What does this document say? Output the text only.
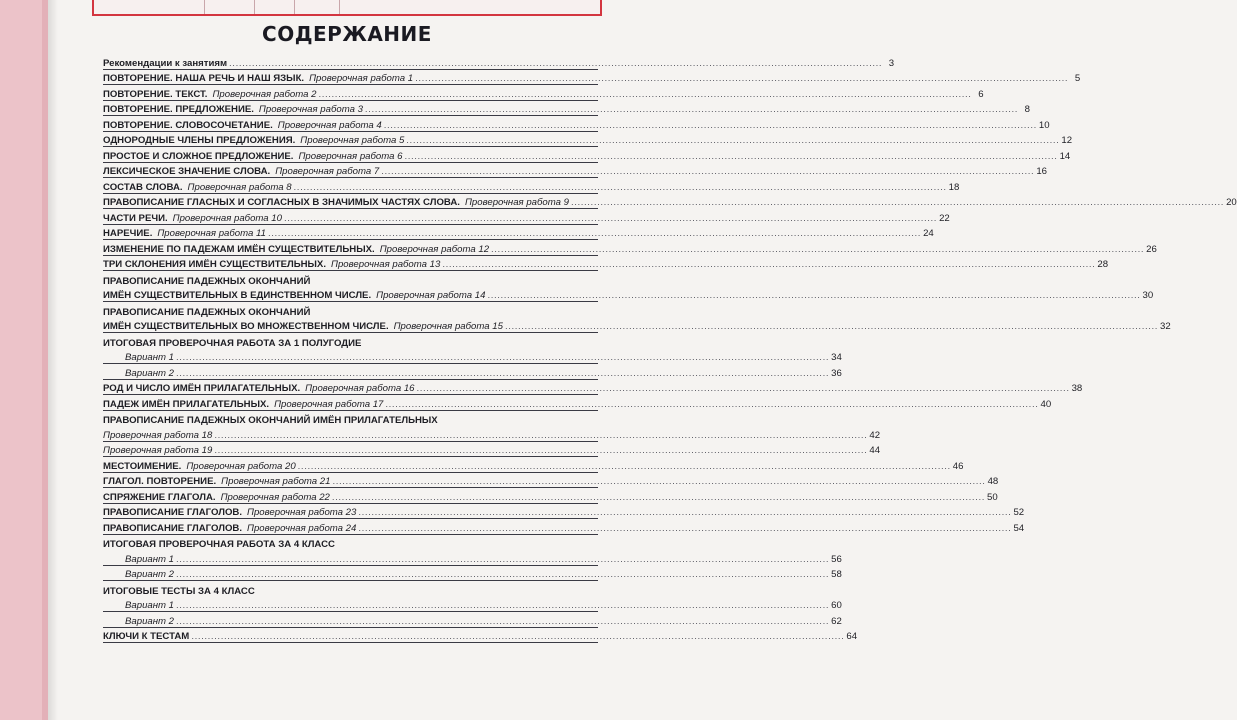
СОДЕРЖАНИЕ
Рекомендации к занятиям ........................................................................................................................................................................................................ 3
ПОВТОРЕНИЕ. НАША РЕЧЬ И НАШ ЯЗЫК. Проверочная работа 1 ........................................................................................................................................................................................................ 5
ПОВТОРЕНИЕ. ТЕКСТ. Проверочная работа 2 ........................................................................................................................................................................................................ 6
ПОВТОРЕНИЕ. ПРЕДЛОЖЕНИЕ. Проверочная работа 3 ........................................................................................................................................................................................................ 8
ПОВТОРЕНИЕ. СЛОВОСОЧЕТАНИЕ. Проверочная работа 4 ........................................................................................................................................................................................................ 10
ОДНОРОДНЫЕ ЧЛЕНЫ ПРЕДЛОЖЕНИЯ. Проверочная работа 5 ........................................................................................................................................................................................................ 12
ПРОСТОЕ И СЛОЖНОЕ ПРЕДЛОЖЕНИЕ. Проверочная работа 6 ........................................................................................................................................................................................................ 14
ЛЕКСИЧЕСКОЕ ЗНАЧЕНИЕ СЛОВА. Проверочная работа 7 ........................................................................................................................................................................................................ 16
СОСТАВ СЛОВА. Проверочная работа 8 ........................................................................................................................................................................................................ 18
ПРАВОПИСАНИЕ ГЛАСНЫХ И СОГЛАСНЫХ В ЗНАЧИМЫХ ЧАСТЯХ СЛОВА. Проверочная работа 9 ........................................................................................................................................................................................................ 20
ЧАСТИ РЕЧИ. Проверочная работа 10 ........................................................................................................................................................................................................ 22
НАРЕЧИЕ. Проверочная работа 11 ........................................................................................................................................................................................................ 24
ИЗМЕНЕНИЕ ПО ПАДЕЖАМ ИМЁН СУЩЕСТВИТЕЛЬНЫХ. Проверочная работа 12 ........................................................................................................................................................................................................ 26
ТРИ СКЛОНЕНИЯ ИМЁН СУЩЕСТВИТЕЛЬНЫХ. Проверочная работа 13 ........................................................................................................................................................................................................ 28
ПРАВОПИСАНИЕ ПАДЕЖНЫХ ОКОНЧАНИЙ
ИМЁН СУЩЕСТВИТЕЛЬНЫХ В ЕДИНСТВЕННОМ ЧИСЛЕ. Проверочная работа 14 ........................................................................................................................................................................................................ 30
ПРАВОПИСАНИЕ ПАДЕЖНЫХ ОКОНЧАНИЙ
ИМЁН СУЩЕСТВИТЕЛЬНЫХ ВО МНОЖЕСТВЕННОМ ЧИСЛЕ. Проверочная работа 15 ........................................................................................................................................................................................................ 32
ИТОГОВАЯ ПРОВЕРОЧНАЯ РАБОТА ЗА 1 ПОЛУГОДИЕ
Вариант 1 ........................................................................................................................................................................................................ 34
Вариант 2 ........................................................................................................................................................................................................ 36
РОД И ЧИСЛО ИМЁН ПРИЛАГАТЕЛЬНЫХ. Проверочная работа 16 ........................................................................................................................................................................................................ 38
ПАДЕЖ ИМЁН ПРИЛАГАТЕЛЬНЫХ. Проверочная работа 17 ........................................................................................................................................................................................................ 40
ПРАВОПИСАНИЕ ПАДЕЖНЫХ ОКОНЧАНИЙ ИМЁН ПРИЛАГАТЕЛЬНЫХ
Проверочная работа 18 ........................................................................................................................................................................................................ 42
Проверочная работа 19 ........................................................................................................................................................................................................ 44
МЕСТОИМЕНИЕ. Проверочная работа 20 ........................................................................................................................................................................................................ 46
ГЛАГОЛ. ПОВТОРЕНИЕ. Проверочная работа 21 ........................................................................................................................................................................................................ 48
СПРЯЖЕНИЕ ГЛАГОЛА. Проверочная работа 22 ........................................................................................................................................................................................................ 50
ПРАВОПИСАНИЕ ГЛАГОЛОВ. Проверочная работа 23 ........................................................................................................................................................................................................ 52
ПРАВОПИСАНИЕ ГЛАГОЛОВ. Проверочная работа 24 ........................................................................................................................................................................................................ 54
ИТОГОВАЯ ПРОВЕРОЧНАЯ РАБОТА ЗА 4 КЛАСС
Вариант 1 ........................................................................................................................................................................................................ 56
Вариант 2 ........................................................................................................................................................................................................ 58
ИТОГОВЫЕ ТЕСТЫ ЗА 4 КЛАСС
Вариант 1 ........................................................................................................................................................................................................ 60
Вариант 2 ........................................................................................................................................................................................................ 62
КЛЮЧИ К ТЕСТАМ ........................................................................................................................................................................................................ 64
